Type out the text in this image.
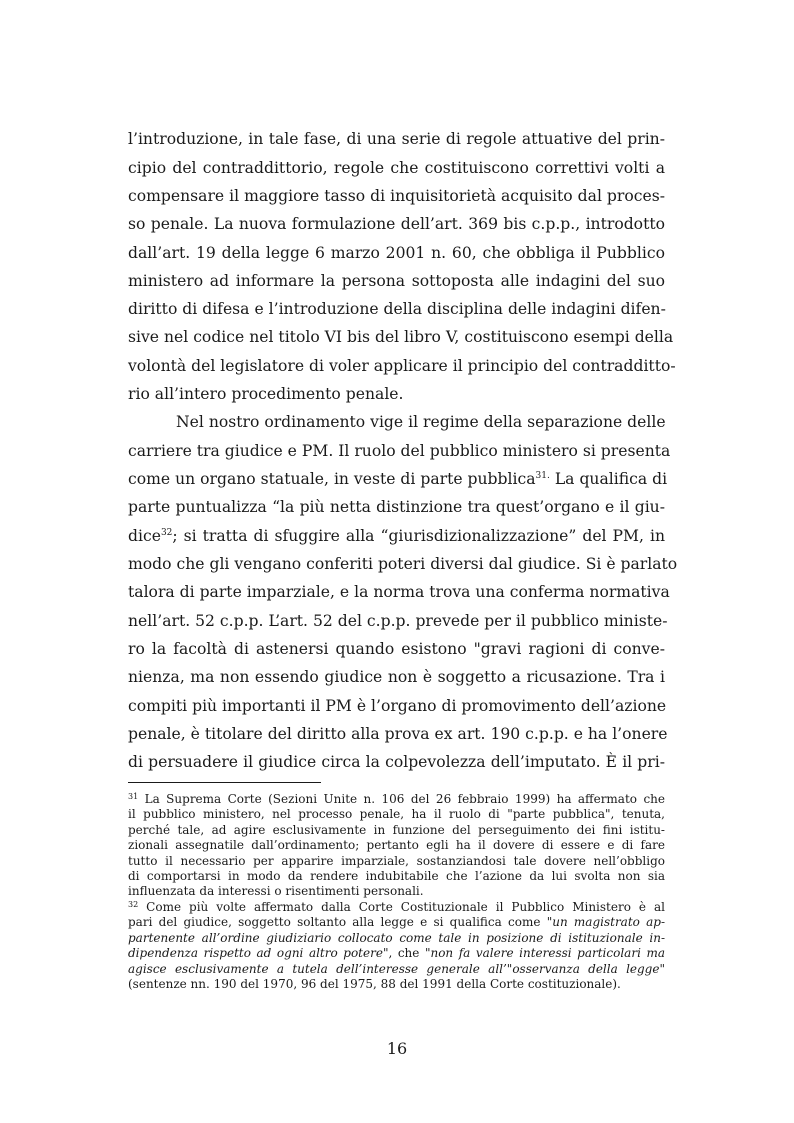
l’introduzione, in tale fase, di una serie di regole attuative del prin-
cipio del contraddittorio, regole che costituiscono correttivi volti a
compensare il maggiore tasso di inquisitorietà acquisito dal proces-
so penale. La nuova formulazione dell’art. 369 bis c.p.p., introdotto
dall’art. 19 della legge 6 marzo 2001 n. 60, che obbliga il Pubblico
ministero ad informare la persona sottoposta alle indagini del suo
diritto di difesa e l’introduzione della disciplina delle indagini difen-
sive nel codice nel titolo VI bis del libro V, costituiscono esempi della
volontà del legislatore di voler applicare il principio del contradditto-
rio all’intero procedimento penale.
Nel nostro ordinamento vige il regime della separazione delle
carriere tra giudice e PM. Il ruolo del pubblico ministero si presenta
come un organo statuale, in veste di parte pubblica$^{31.}$ La qualifica di
parte puntualizza “la più netta distinzione tra quest’organo e il giu-
dice$^{32}$; si tratta di sfuggire alla “giurisdizionalizzazione” del PM, in
modo che gli vengano conferiti poteri diversi dal giudice. Si è parlato
talora di parte imparziale, e la norma trova una conferma normativa
nell’art. 52 c.p.p. L’art. 52 del c.p.p. prevede per il pubblico ministe-
ro la facoltà di astenersi quando esistono "gravi ragioni di conve-
nienza, ma non essendo giudice non è soggetto a ricusazione. Tra i
compiti più importanti il PM è l’organo di promovimento dell’azione
penale, è titolare del diritto alla prova ex art. 190 c.p.p. e ha l’onere
di persuadere il giudice circa la colpevolezza dell’imputato. È il pri-
$^{31}$ La Suprema Corte (Sezioni Unite n. 106 del 26 febbraio 1999) ha affermato che
il pubblico ministero, nel processo penale, ha il ruolo di "parte pubblica", tenuta,
perché tale, ad agire esclusivamente in funzione del perseguimento dei fini istitu-
zionali assegnatile dall’ordinamento; pertanto egli ha il dovere di essere e di fare
tutto il necessario per apparire imparziale, sostanziandosi tale dovere nell’obbligo
di comportarsi in modo da rendere indubitabile che l’azione da lui svolta non sia
influenzata da interessi o risentimenti personali.
$^{32}$ Come più volte affermato dalla Corte Costituzionale il Pubblico Ministero è al
pari del giudice, soggetto soltanto alla legge e si qualifica come "un magistrato ap-
partenente all’ordine giudiziario collocato come tale in posizione di istituzionale in-
dipendenza rispetto ad ogni altro potere", che "non fa valere interessi particolari ma
agisce esclusivamente a tutela dell’interesse generale all’"osservanza della legge"
(sentenze nn. 190 del 1970, 96 del 1975, 88 del 1991 della Corte costituzionale).
16
